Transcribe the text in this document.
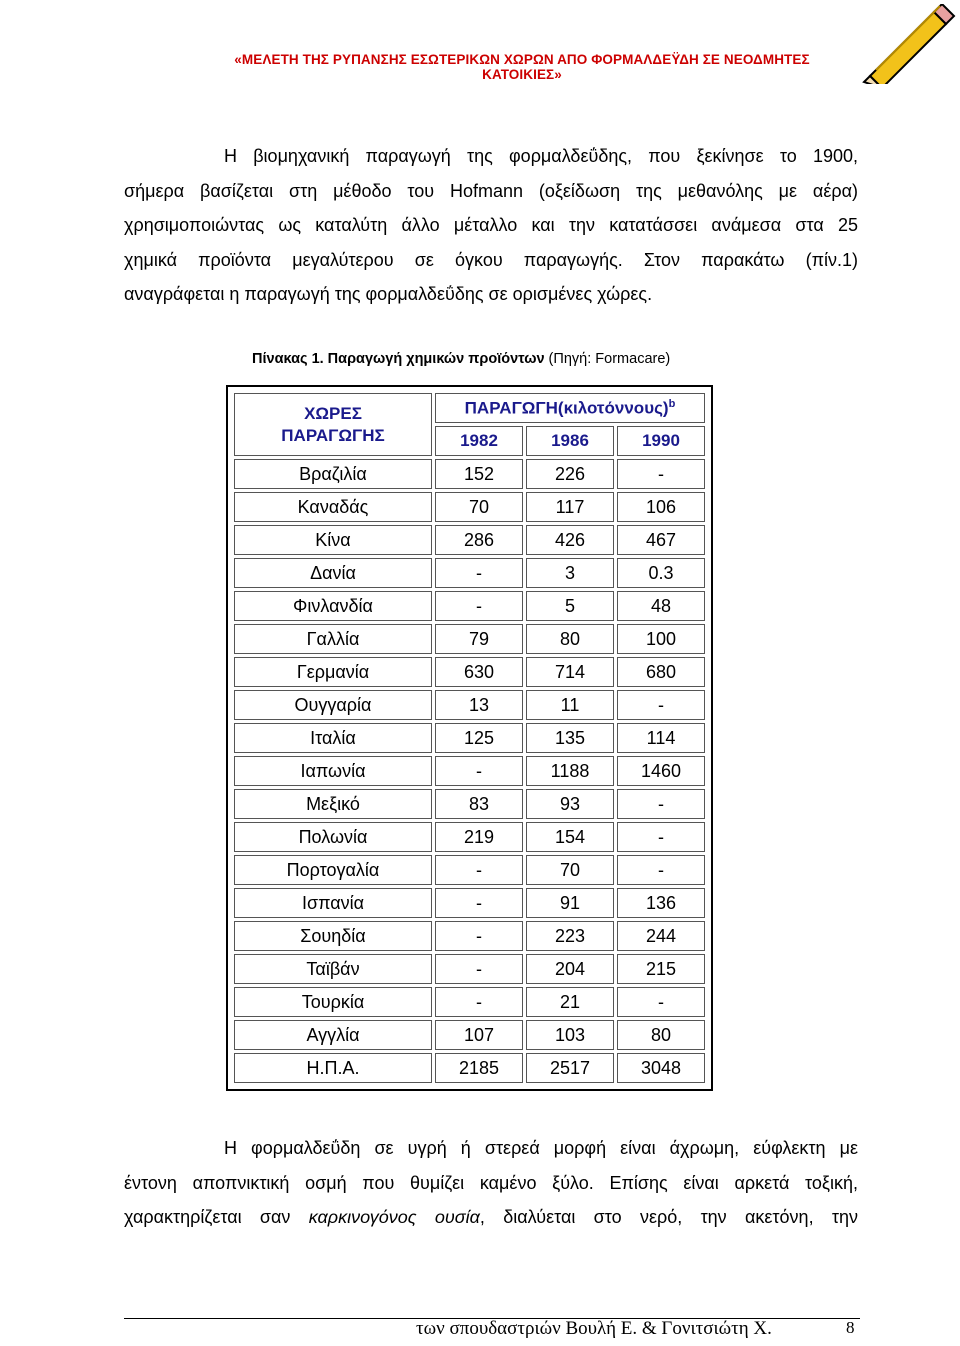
«ΜΕΛΕΤΗ ΤΗΣ ΡΥΠΑΝΣΗΣ ΕΣΩΤΕΡΙΚΩΝ ΧΩΡΩΝ ΑΠΟ ΦΟΡΜΑΛΔΕΫΔΗ ΣΕ ΝΕΟΔΜΗΤΕΣ ΚΑΤΟΙΚΙΕΣ»
Η βιομηχανική παραγωγή της φορμαλδεΰδης, που ξεκίνησε το 1900,
σήμερα βασίζεται στη μέθοδο του Hofmann (οξείδωση της μεθανόλης με αέρα)
χρησιμοποιώντας ως καταλύτη άλλο μέταλλο και την κατατάσσει ανάμεσα στα 25
χημικά προϊόντα μεγαλύτερου σε όγκου παραγωγής. Στον παρακάτω (πίν.1)
αναγράφεται η παραγωγή της φορμαλδεΰδης σε ορισμένες χώρες.
Πίνακας 1. Παραγωγή χημικών προϊόντων (Πηγή: Formacare)
ΧΩΡΕΣ
ΠΑΡΑΓΩΓΗΣ	$\Pi APA\Gamma\Omega\Gamma H(\kappa\iota\lambda o\tau ό\nu\nu o\upsilon\varsigma)^b$
	1982	1986	1990
Βραζιλία	152	226	-
Καναδάς	70	117	106
Κίνα	286	426	467
Δανία	-	3	0.3
Φινλανδία	-	5	48
Γαλλία	79	80	100
Γερμανία	630	714	680
Ουγγαρία	13	11	-
Ιταλία	125	135	114
Ιαπωνία	-	1188	1460
Μεξικό	83	93	-
Πολωνία	219	154	-
Πορτογαλία	-	70	-
Ισπανία	-	91	136
Σουηδία	-	223	244
Ταϊβάν	-	204	215
Τουρκία	-	21	-
Αγγλία	107	103	80
Η.Π.Α.	2185	2517	3048
Η φορμαλδεΰδη σε υγρή ή στερεά μορφή είναι άχρωμη, εύφλεκτη με
έντονη αποπνικτική οσμή που θυμίζει καμένο ξύλο. Επίσης είναι αρκετά τοξική,
χαρακτηρίζεται σαν καρκινογόνος ουσία, διαλύεται στο νερό, την ακετόνη, την
των σπουδαστριών Βουλή Ε. & Γονιτσιώτη Χ.	8
